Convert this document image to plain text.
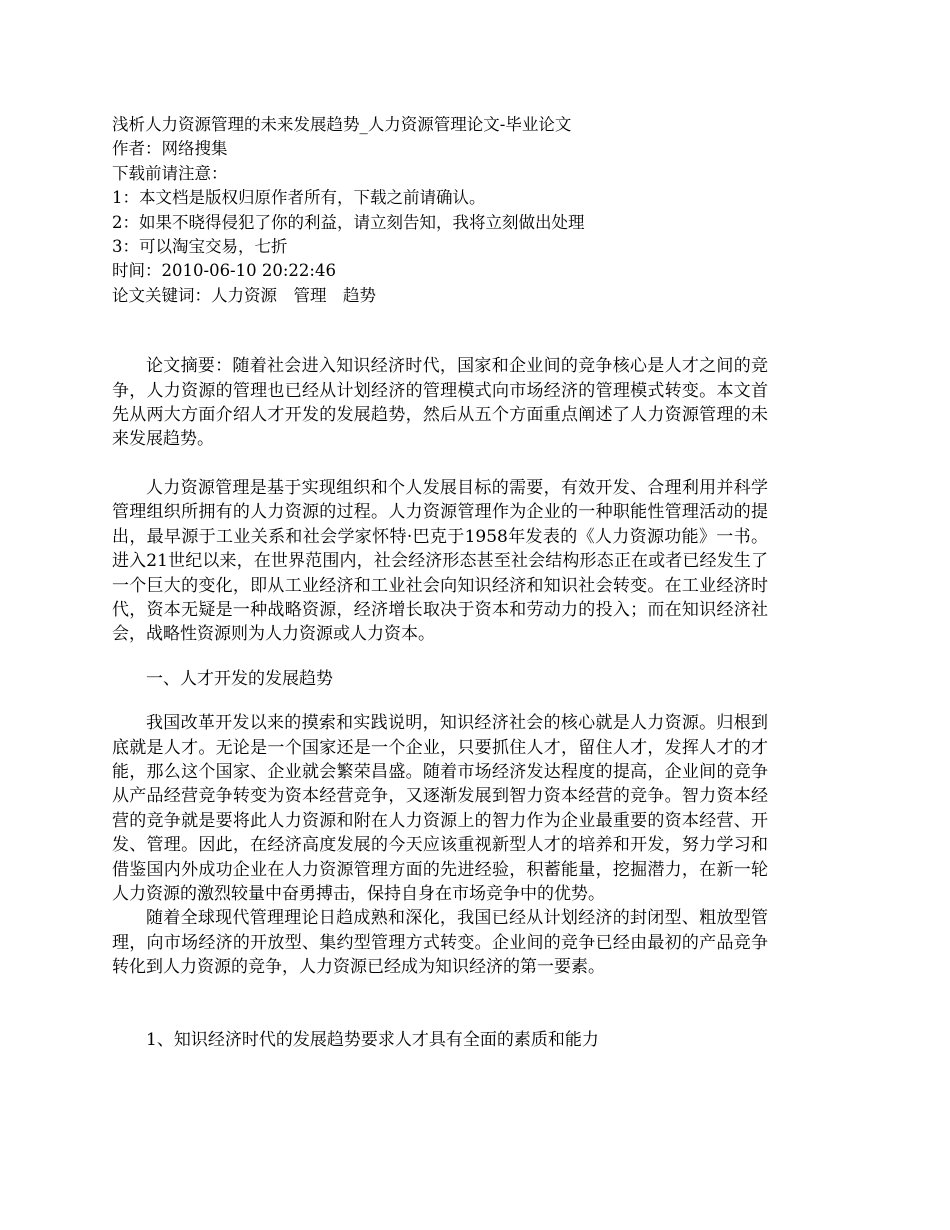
浅析人力资源管理的未来发展趋势_人力资源管理论文-毕业论文

作者：网络搜集

下载前请注意：

1：本文档是版权归原作者所有，下载之前请确认。

2：如果不晓得侵犯了你的利益，请立刻告知，我将立刻做出处理

3：可以淘宝交易，七折

时间：2010-06-10 20:22:46

论文关键词：人力资源　管理　趋势

论文摘要：随着社会进入知识经济时代，国家和企业间的竞争核心是人才之间的竞争，人力资源的管理也已经从计划经济的管理模式向市场经济的管理模式转变。本文首先从两大方面介绍人才开发的发展趋势，然后从五个方面重点阐述了人力资源管理的未来发展趋势。

人力资源管理是基于实现组织和个人发展目标的需要，有效开发、合理利用并科学管理组织所拥有的人力资源的过程。人力资源管理作为企业的一种职能性管理活动的提出，最早源于工业关系和社会学家怀特·巴克于1958年发表的《人力资源功能》一书。进入21世纪以来，在世界范围内，社会经济形态甚至社会结构形态正在或者已经发生了一个巨大的变化，即从工业经济和工业社会向知识经济和知识社会转变。在工业经济时代，资本无疑是一种战略资源，经济增长取决于资本和劳动力的投入；而在知识经济社会，战略性资源则为人力资源或人力资本。

一、人才开发的发展趋势

我国改革开发以来的摸索和实践说明，知识经济社会的核心就是人力资源。归根到底就是人才。无论是一个国家还是一个企业，只要抓住人才，留住人才，发挥人才的才能，那么这个国家、企业就会繁荣昌盛。随着市场经济发达程度的提高，企业间的竞争从产品经营竞争转变为资本经营竞争，又逐渐发展到智力资本经营的竞争。智力资本经营的竞争就是要将此人力资源和附在人力资源上的智力作为企业最重要的资本经营、开发、管理。因此，在经济高度发展的今天应该重视新型人才的培养和开发，努力学习和借鉴国内外成功企业在人力资源管理方面的先进经验，积蓄能量，挖掘潜力，在新一轮人力资源的激烈较量中奋勇搏击，保持自身在市场竞争中的优势。

随着全球现代管理理论日趋成熟和深化，我国已经从计划经济的封闭型、粗放型管理，向市场经济的开放型、集约型管理方式转变。企业间的竞争已经由最初的产品竞争转化到人力资源的竞争，人力资源已经成为知识经济的第一要素。

1、知识经济时代的发展趋势要求人才具有全面的素质和能力
